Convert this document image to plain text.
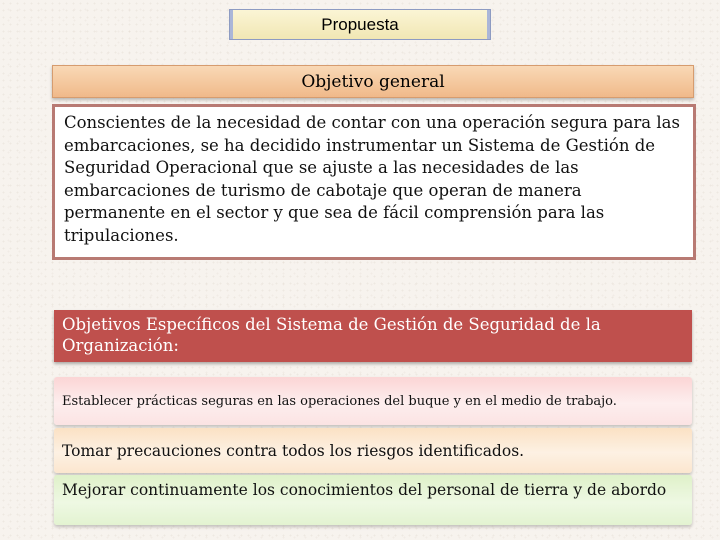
Propuesta
Objetivo general
Conscientes de la necesidad de contar con una operación segura para las embarcaciones, se ha decidido instrumentar un Sistema de Gestión de Seguridad Operacional que se ajuste a las necesidades de las embarcaciones de turismo de cabotaje que operan de manera permanente en el sector y que sea de fácil comprensión para las tripulaciones.
Objetivos Específicos del Sistema de Gestión de Seguridad de la Organización:
Establecer prácticas seguras en las operaciones del buque y en el medio de trabajo.
Tomar precauciones contra todos los riesgos identificados.
Mejorar continuamente los conocimientos del personal de tierra y de abordo
